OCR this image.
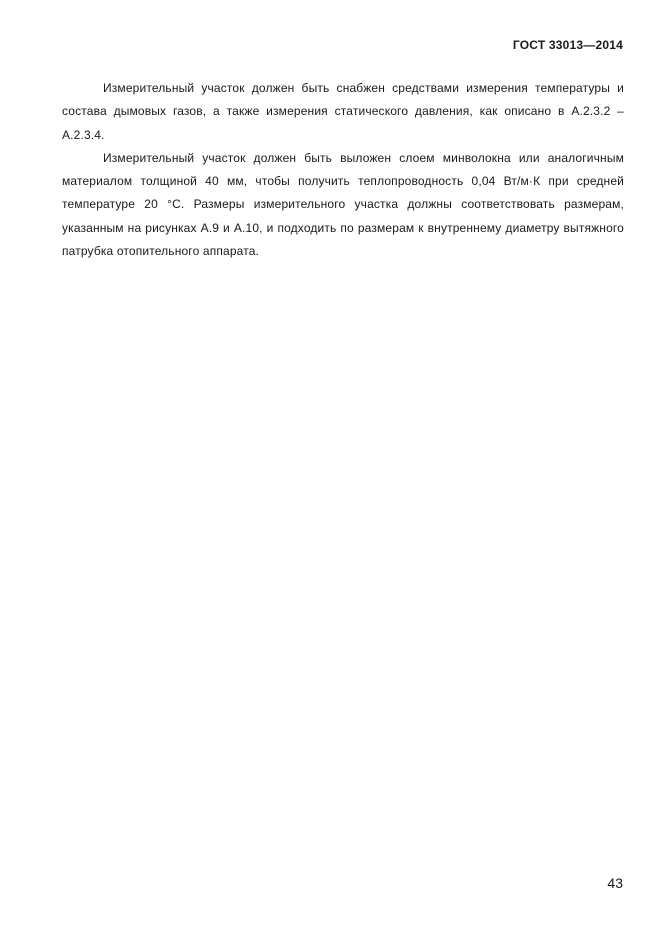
ГОСТ 33013—2014

Измерительный участок должен быть снабжен средствами измерения температуры и состава дымовых газов, а также измерения статического давления, как описано в А.2.3.2 – А.2.3.4.

Измерительный участок должен быть выложен слоем минволокна или аналогичным материалом толщиной 40 мм, чтобы получить теплопроводность 0,04 Вт/м·К при средней температуре 20 °С. Размеры измерительного участка должны соответствовать размерам, указанным на рисунках А.9 и А.10, и подходить по размерам к внутреннему диаметру вытяжного патрубка отопительного аппарата.

43
